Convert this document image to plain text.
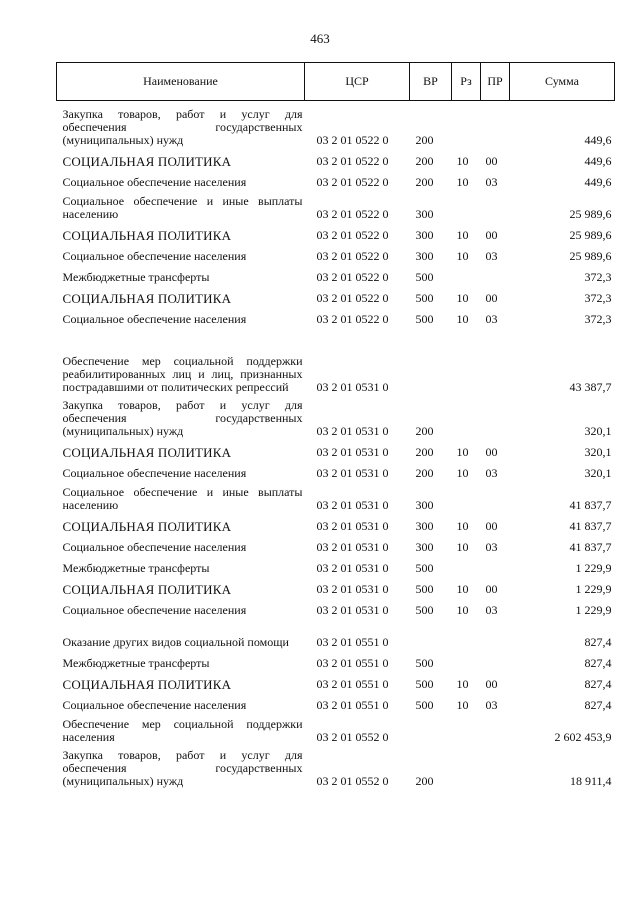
463
Наименование	ЦСР	ВР	Рз	ПР	Сумма
Закупка товаров, работ и услуг для обеспечения государственных (муниципальных) нужд	03 2 01 0522 0	200			449,6
СОЦИАЛЬНАЯ ПОЛИТИКА	03 2 01 0522 0	200	10	00	449,6
Социальное обеспечение населения	03 2 01 0522 0	200	10	03	449,6
Социальное обеспечение и иные выплаты населению	03 2 01 0522 0	300			25 989,6
СОЦИАЛЬНАЯ ПОЛИТИКА	03 2 01 0522 0	300	10	00	25 989,6
Социальное обеспечение населения	03 2 01 0522 0	300	10	03	25 989,6
Межбюджетные трансферты	03 2 01 0522 0	500			372,3
СОЦИАЛЬНАЯ ПОЛИТИКА	03 2 01 0522 0	500	10	00	372,3
Социальное обеспечение населения	03 2 01 0522 0	500	10	03	372,3
Обеспечение мер социальной поддержки реабилитированных лиц и лиц, признанных пострадавшими от политических репрессий	03 2 01 0531 0				43 387,7
Закупка товаров, работ и услуг для обеспечения государственных (муниципальных) нужд	03 2 01 0531 0	200			320,1
СОЦИАЛЬНАЯ ПОЛИТИКА	03 2 01 0531 0	200	10	00	320,1
Социальное обеспечение населения	03 2 01 0531 0	200	10	03	320,1
Социальное обеспечение и иные выплаты населению	03 2 01 0531 0	300			41 837,7
СОЦИАЛЬНАЯ ПОЛИТИКА	03 2 01 0531 0	300	10	00	41 837,7
Социальное обеспечение населения	03 2 01 0531 0	300	10	03	41 837,7
Межбюджетные трансферты	03 2 01 0531 0	500			1 229,9
СОЦИАЛЬНАЯ ПОЛИТИКА	03 2 01 0531 0	500	10	00	1 229,9
Социальное обеспечение населения	03 2 01 0531 0	500	10	03	1 229,9
Оказание других видов социальной помощи	03 2 01 0551 0				827,4
Межбюджетные трансферты	03 2 01 0551 0	500			827,4
СОЦИАЛЬНАЯ ПОЛИТИКА	03 2 01 0551 0	500	10	00	827,4
Социальное обеспечение населения	03 2 01 0551 0	500	10	03	827,4
Обеспечение мер социальной поддержки населения	03 2 01 0552 0				2 602 453,9
Закупка товаров, работ и услуг для обеспечения государственных (муниципальных) нужд	03 2 01 0552 0	200			18 911,4
